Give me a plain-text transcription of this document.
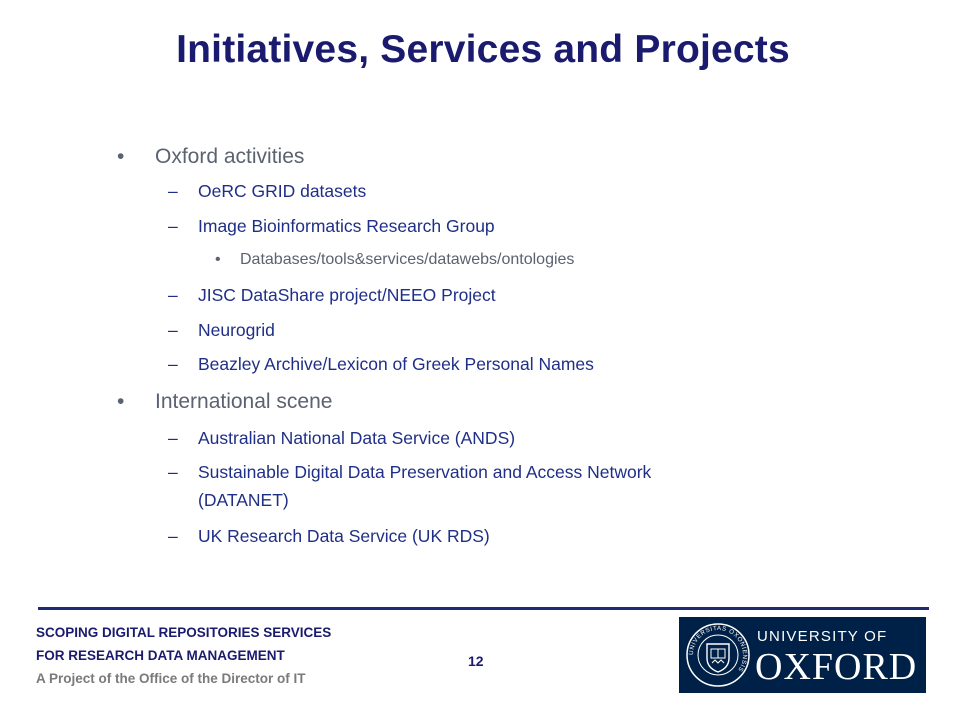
Initiatives, Services and Projects
• Oxford activities
– OeRC GRID datasets
– Image Bioinformatics Research Group
• Databases/tools&services/datawebs/ontologies
– JISC DataShare project/NEEO Project
– Neurogrid
– Beazley Archive/Lexicon of Greek Personal Names
• International scene
– Australian National Data Service (ANDS)
– Sustainable Digital Data Preservation and Access Network
(DATANET)
– UK Research Data Service (UK RDS)
SCOPING DIGITAL REPOSITORIES SERVICES
FOR RESEARCH DATA MANAGEMENT
A Project of the Office of the Director of IT
12
UNIVERSITAS OXONIENSIS
UNIVERSITY OF
OXFORD
